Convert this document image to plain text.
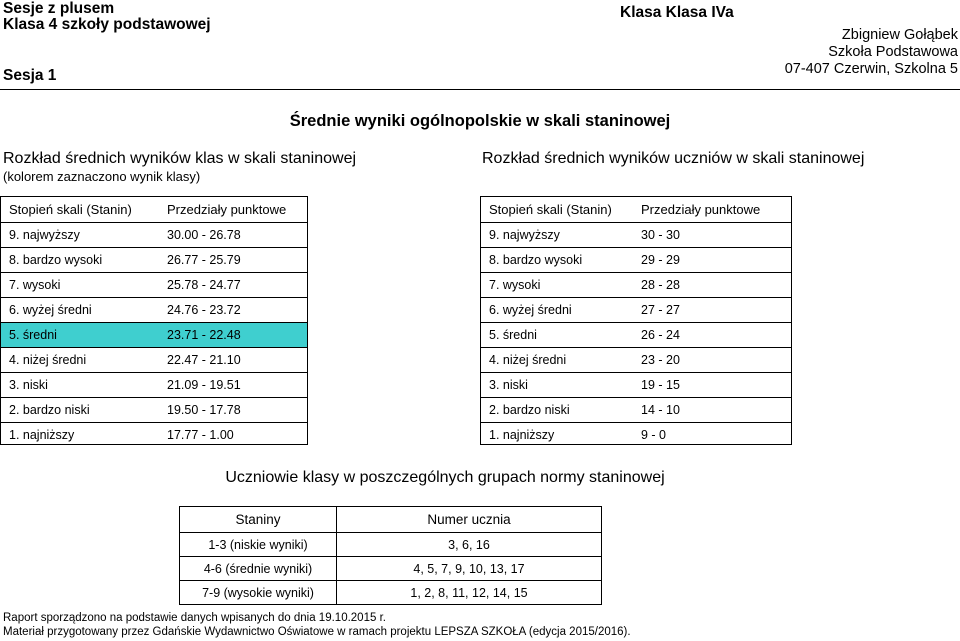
Sesje z plusem
Klasa 4 szkoły podstawowej
Sesja 1
Klasa Klasa IVa
Zbigniew Gołąbek
Szkoła Podstawowa
07-407 Czerwin, Szkolna 5
Średnie wyniki ogólnopolskie w skali staninowej
Rozkład średnich wyników klas w skali staninowej
(kolorem zaznaczono wynik klasy)
Stopień skali (Stanin)	Przedziały punktowe
9. najwyższy	30.00 - 26.78
8. bardzo wysoki	26.77 - 25.79
7. wysoki	25.78 - 24.77
6. wyżej średni	24.76 - 23.72
5. średni	23.71 - 22.48
4. niżej średni	22.47 - 21.10
3. niski	21.09 - 19.51
2. bardzo niski	19.50 - 17.78
1. najniższy	17.77 - 1.00
Rozkład średnich wyników uczniów w skali staninowej
Stopień skali (Stanin)	Przedziały punktowe
9. najwyższy	30 - 30
8. bardzo wysoki	29 - 29
7. wysoki	28 - 28
6. wyżej średni	27 - 27
5. średni	26 - 24
4. niżej średni	23 - 20
3. niski	19 - 15
2. bardzo niski	14 - 10
1. najniższy	9 - 0
Uczniowie klasy w poszczególnych grupach normy staninowej
Staniny	Numer ucznia
1-3 (niskie wyniki)	3, 6, 16
4-6 (średnie wyniki)	4, 5, 7, 9, 10, 13, 17
7-9 (wysokie wyniki)	1, 2, 8, 11, 12, 14, 15
Raport sporządzono na podstawie danych wpisanych do dnia 19.10.2015 r.
Materiał przygotowany przez Gdańskie Wydawnictwo Oświatowe w ramach projektu LEPSZA SZKOŁA (edycja 2015/2016).
